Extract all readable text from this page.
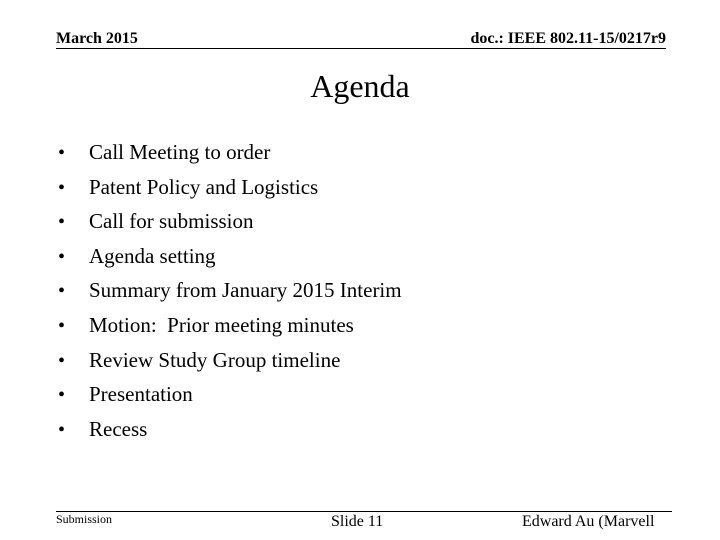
March 2015	doc.: IEEE 802.11-15/0217r9
Agenda
• Call Meeting to order
• Patent Policy and Logistics
• Call for submission
• Agenda setting
• Summary from January 2015 Interim
• Motion:  Prior meeting minutes
• Review Study Group timeline
• Presentation
• Recess
Submission	Slide 11	Edward Au (Marvell
